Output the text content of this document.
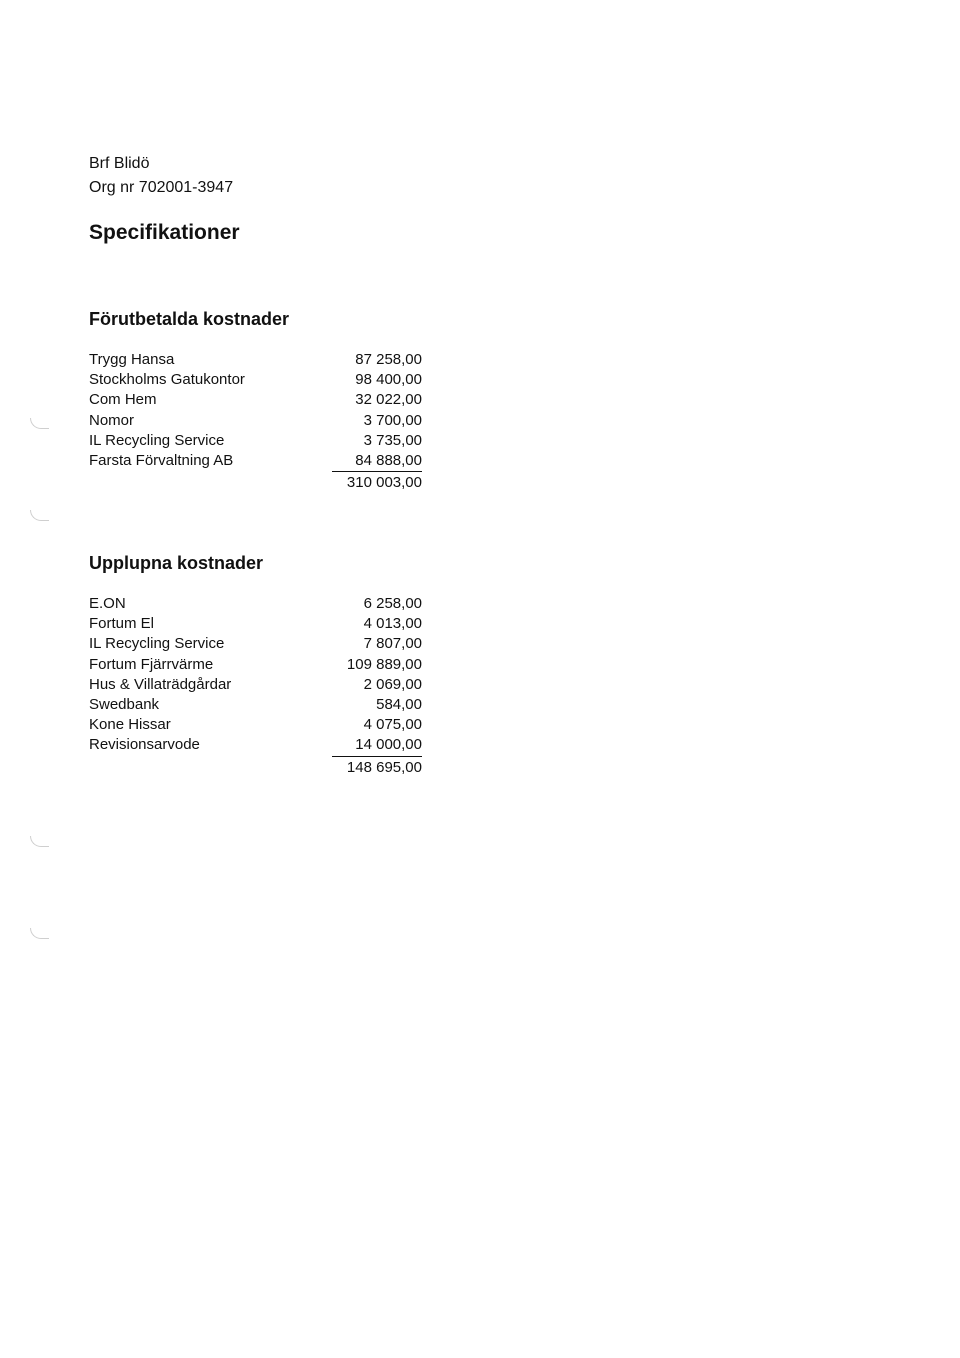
Brf Blidö
Org nr 702001-3947
Specifikationer
Förutbetalda kostnader
Trygg Hansa	87 258,00
Stockholms Gatukontor	98 400,00
Com Hem	32 022,00
Nomor	3 700,00
IL Recycling Service	3 735,00
Farsta Förvaltning AB	84 888,00
310 003,00
Upplupna kostnader
E.ON	6 258,00
Fortum El	4 013,00
IL Recycling Service	7 807,00
Fortum Fjärrvärme	109 889,00
Hus & Villaträdgårdar	2 069,00
Swedbank	584,00
Kone Hissar	4 075,00
Revisionsarvode	14 000,00
148 695,00
